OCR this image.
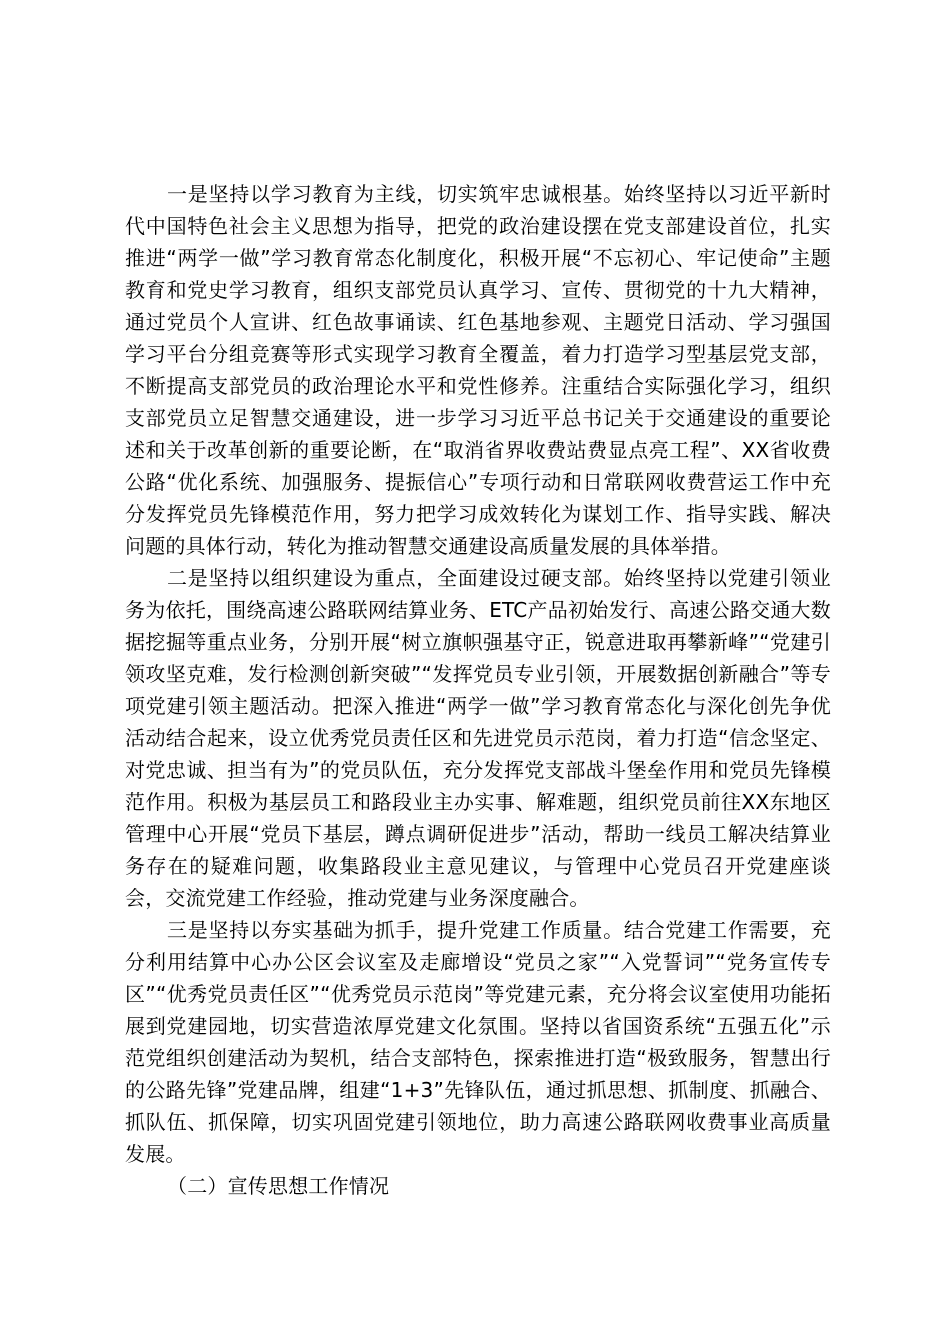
一是坚持以学习教育为主线，切实筑牢忠诚根基。始终坚持以习近平新时代中国特色社会主义思想为指导，把党的政治建设摆在党支部建设首位，扎实推进“两学一做”学习教育常态化制度化，积极开展“不忘初心、牢记使命”主题教育和党史学习教育，组织支部党员认真学习、宣传、贯彻党的十九大精神，通过党员个人宣讲、红色故事诵读、红色基地参观、主题党日活动、学习强国学习平台分组竞赛等形式实现学习教育全覆盖，着力打造学习型基层党支部，不断提高支部党员的政治理论水平和党性修养。注重结合实际强化学习，组织支部党员立足智慧交通建设，进一步学习习近平总书记关于交通建设的重要论述和关于改革创新的重要论断，在“取消省界收费站费显点亮工程”、XX省收费公路“优化系统、加强服务、提振信心”专项行动和日常联网收费营运工作中充分发挥党员先锋模范作用，努力把学习成效转化为谋划工作、指导实践、解决问题的具体行动，转化为推动智慧交通建设高质量发展的具体举措。

二是坚持以组织建设为重点，全面建设过硬支部。始终坚持以党建引领业务为依托，围绕高速公路联网结算业务、ETC产品初始发行、高速公路交通大数据挖掘等重点业务，分别开展“树立旗帜强基守正，锐意进取再攀新峰”“党建引领攻坚克难，发行检测创新突破”“发挥党员专业引领，开展数据创新融合”等专项党建引领主题活动。把深入推进“两学一做”学习教育常态化与深化创先争优活动结合起来，设立优秀党员责任区和先进党员示范岗，着力打造“信念坚定、对党忠诚、担当有为”的党员队伍，充分发挥党支部战斗堡垒作用和党员先锋模范作用。积极为基层员工和路段业主办实事、解难题，组织党员前往XX东地区管理中心开展“党员下基层，蹲点调研促进步”活动，帮助一线员工解决结算业务存在的疑难问题，收集路段业主意见建议，与管理中心党员召开党建座谈会，交流党建工作经验，推动党建与业务深度融合。

三是坚持以夯实基础为抓手，提升党建工作质量。结合党建工作需要，充分利用结算中心办公区会议室及走廊增设“党员之家”“入党誓词”“党务宣传专区”“优秀党员责任区”“优秀党员示范岗”等党建元素，充分将会议室使用功能拓展到党建园地，切实营造浓厚党建文化氛围。坚持以省国资系统“五强五化”示范党组织创建活动为契机，结合支部特色，探索推进打造“极致服务，智慧出行的公路先锋”党建品牌，组建“1+3”先锋队伍，通过抓思想、抓制度、抓融合、抓队伍、抓保障，切实巩固党建引领地位，助力高速公路联网收费事业高质量发展。

（二）宣传思想工作情况
